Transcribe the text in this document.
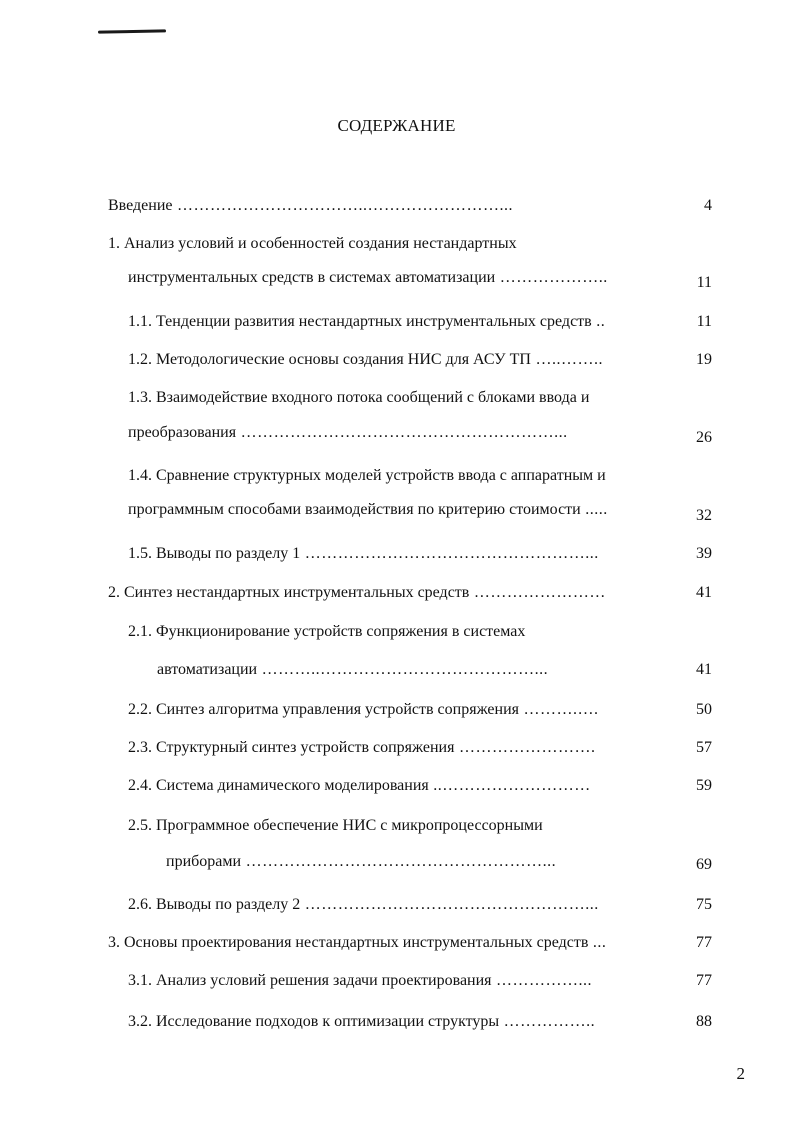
СОДЕРЖАНИЕ
Введение ……………………………..……………………...	4
1. Анализ условий и особенностей создания нестандартных
инструментальных средств в системах автоматизации ………………..	11
1.1. Тенденции развития нестандартных инструментальных средств ..	11
1.2. Методологические основы создания НИС для АСУ ТП …..……..	19
1.3. Взаимодействие входного потока сообщений с блоками ввода и
преобразования …………………………………………………...	26
1.4. Сравнение структурных моделей устройств ввода с аппаратным и
программным способами взаимодействия по критерию стоимости .....	32
1.5. Выводы по разделу 1 ……………………………………………...	39
2. Синтез нестандартных инструментальных средств ……………………	41
2.1. Функционирование устройств сопряжения в системах
автоматизации ………..…………………………………...	41
2.2. Синтез алгоритма управления устройств сопряжения ……….….	50
2.3. Структурный синтез устройств сопряжения …………………….	57
2.4. Система динамического моделирования ..………………………	59
2.5. Программное обеспечение НИС с микропроцессорными
приборами ………………………………………………...	69
2.6. Выводы по разделу 2 ……………………………………………...	75
3. Основы проектирования нестандартных инструментальных средств ...	77
3.1. Анализ условий решения задачи проектирования ……………...	77
3.2. Исследование подходов к оптимизации структуры ……………..	88
2
